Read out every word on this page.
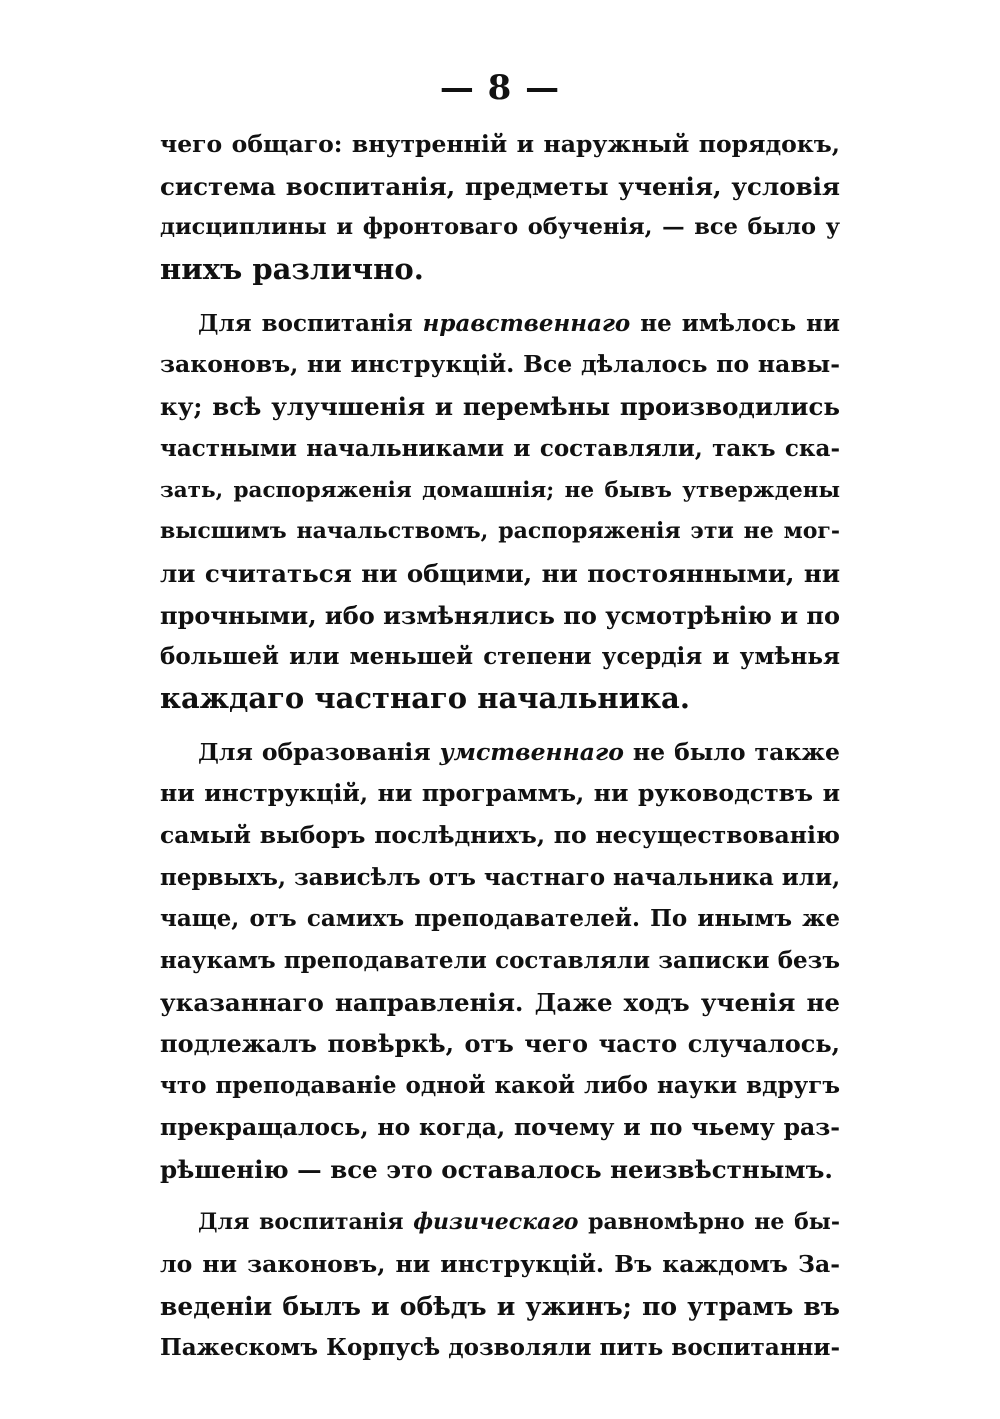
— 8 —

чего общаго: внутренній и наружный порядокъ,
система воспитанія, предметы ученія, условія
дисциплины и фронтоваго обученія, — все было у
нихъ различно.

Для воспитанія нравственнаго не имѣлось ни
законовъ, ни инструкцій. Все дѣлалось по навы-
ку; всѣ улучшенія и перемѣны производились
частными начальниками и составляли, такъ ска-
зать, распоряженія домашнія; не бывъ утверждены
высшимъ начальствомъ, распоряженія эти не мог-
ли считаться ни общими, ни постоянными, ни
прочными, ибо измѣнялись по усмотрѣнію и по
большей или меньшей степени усердія и умѣнья
каждаго частнаго начальника.

Для образованія умственнаго не было также
ни инструкцій, ни программъ, ни руководствъ и
самый выборъ послѣднихъ, по несуществованію
первыхъ, зависѣлъ отъ частнаго начальника или,
чаще, отъ самихъ преподавателей. По инымъ же
наукамъ преподаватели составляли записки безъ
указаннаго направленія. Даже ходъ ученія не
подлежалъ повѣркѣ, отъ чего часто случалось,
что преподаваніе одной какой либо науки вдругъ
прекращалось, но когда, почему и по чьему раз-
рѣшенію — все это оставалось неизвѣстнымъ.

Для воспитанія физическаго равномѣрно не бы-
ло ни законовъ, ни инструкцій. Въ каждомъ За-
веденіи былъ и обѣдъ и ужинъ; по утрамъ въ
Пажескомъ Корпусѣ дозволяли пить воспитанни-
